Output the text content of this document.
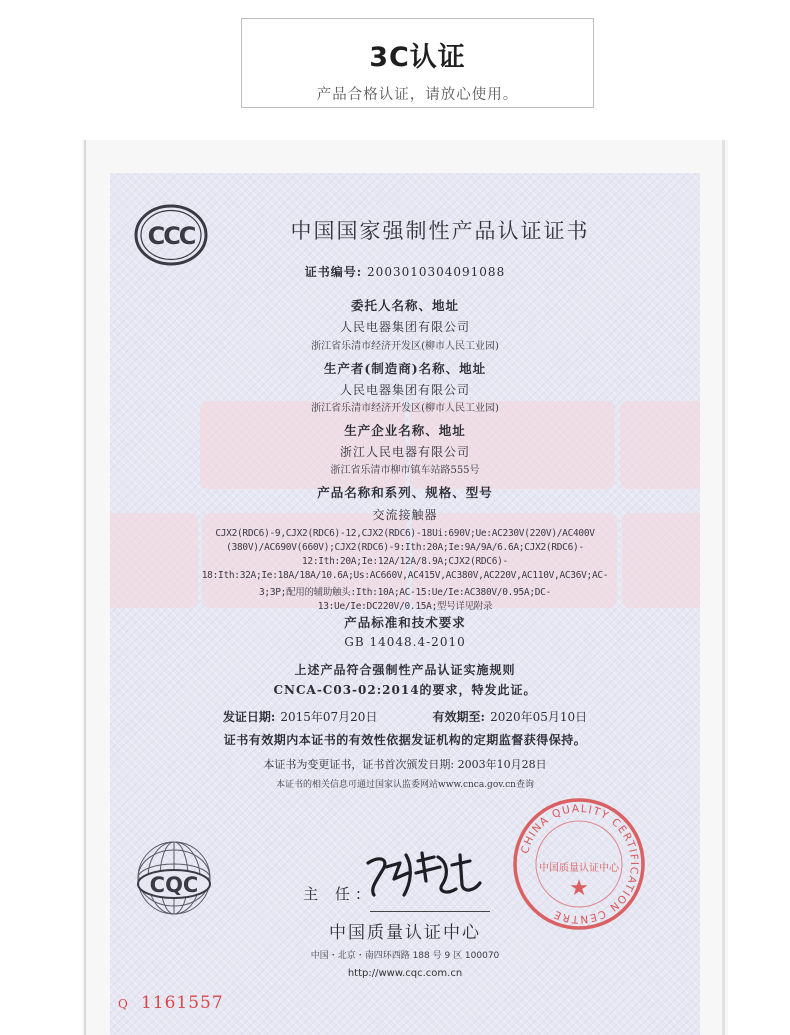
3C认证
产品合格认证，请放心使用。
中国国家强制性产品认证证书
证书编号: 2003010304091088
委托人名称、地址
人民电器集团有限公司
浙江省乐清市经济开发区(柳市人民工业园)
生产者(制造商)名称、地址
人民电器集团有限公司
浙江省乐清市经济开发区(柳市人民工业园)
生产企业名称、地址
浙江人民电器有限公司
浙江省乐清市柳市镇车站路555号
产品名称和系列、规格、型号
交流接触器
CJX2(RDC6)-9,CJX2(RDC6)-12,CJX2(RDC6)-18Ui:690V;Ue:AC230V(220V)/AC400V
(380V)/AC690V(660V);CJX2(RDC6)-9:Ith:20A;Ie:9A/9A/6.6A;CJX2(RDC6)-
12:Ith:20A;Ie:12A/12A/8.9A;CJX2(RDC6)-
18:Ith:32A;Ie:18A/18A/10.6A;Us:AC660V,AC415V,AC380V,AC220V,AC110V,AC36V;AC-
3;3P;配用的辅助触头:Ith:10A;AC-15:Ue/Ie:AC380V/0.95A;DC-
13:Ue/Ie:DC220V/0.15A;型号详见附录
产品标准和技术要求
GB 14048.4-2010
上述产品符合强制性产品认证实施规则
CNCA-C03-02:2014的要求，特发此证。
发证日期: 2015年07月20日	有效期至: 2020年05月10日
证书有效期内本证书的有效性依据发证机构的定期监督获得保持。
本证书为变更证书，证书首次颁发日期: 2003年10月28日
本证书的相关信息可通过国家认监委网站www.cnca.gov.cn查询
主 任:
中国质量认证中心
中国・北京・南四环西路 188 号 9 区 100070
http://www.cqc.com.cn
CCC
CQC
CHINA QUALITY CERTIFICATION CENTRE
中国质量认证中心
★
Q 1161557
